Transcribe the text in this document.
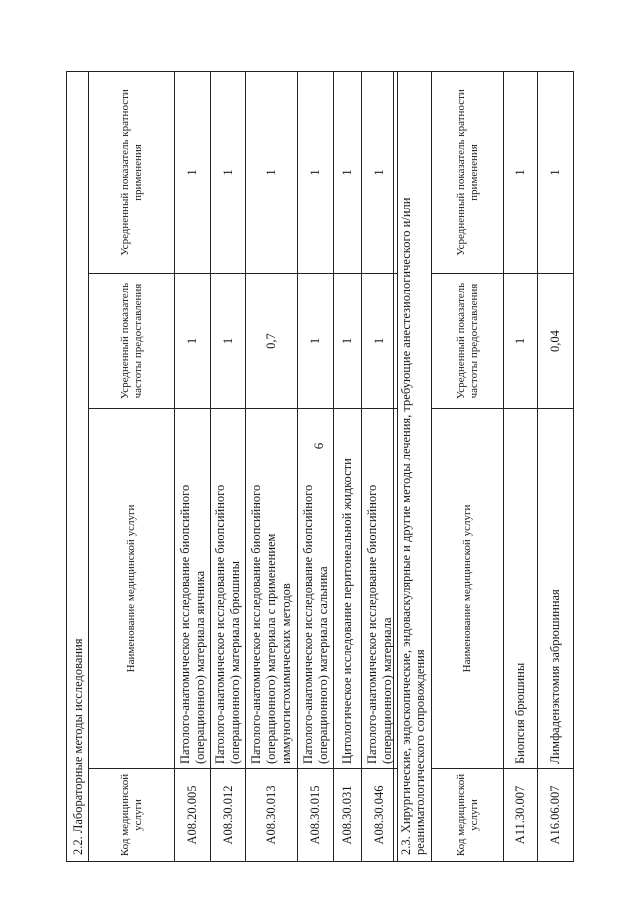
6
2.2. Лабораторные методы исследования			
Код медицинской услуги	Наименование медицинской услуги	Усредненный показатель частоты предоставления	Усредненный показатель кратности применения
A08.20.005	Патолого-анатомическое исследование биопсийного (операционного) материала яичника	1	1
A08.30.012	Патолого-анатомическое исследование биопсийного (операционного) материала брюшины	1	1
A08.30.013	Патолого-анатомическое исследование биопсийного (операционного) материала с применением иммуногистохимических методов	0,7	1
A08.30.015	Патолого-анатомическое исследование биопсийного (операционного) материала сальника	1	1
A08.30.031	Цитологическое исследование перитонеальной жидкости	1	1
A08.30.046	Патолого-анатомическое исследование биопсийного (операционного) материала	1	1
2.3. Хирургические, эндоскопические, эндоваскулярные и другие методы лечения, требующие анестезиологического и/или реаниматологического сопровождения			
Код медицинской услуги	Наименование медицинской услуги	Усредненный показатель частоты предоставления	Усредненный показатель кратности применения
A11.30.007	Биопсия брюшины	1	1
A16.06.007	Лимфаденэктомия забрюшинная	0,04	1
